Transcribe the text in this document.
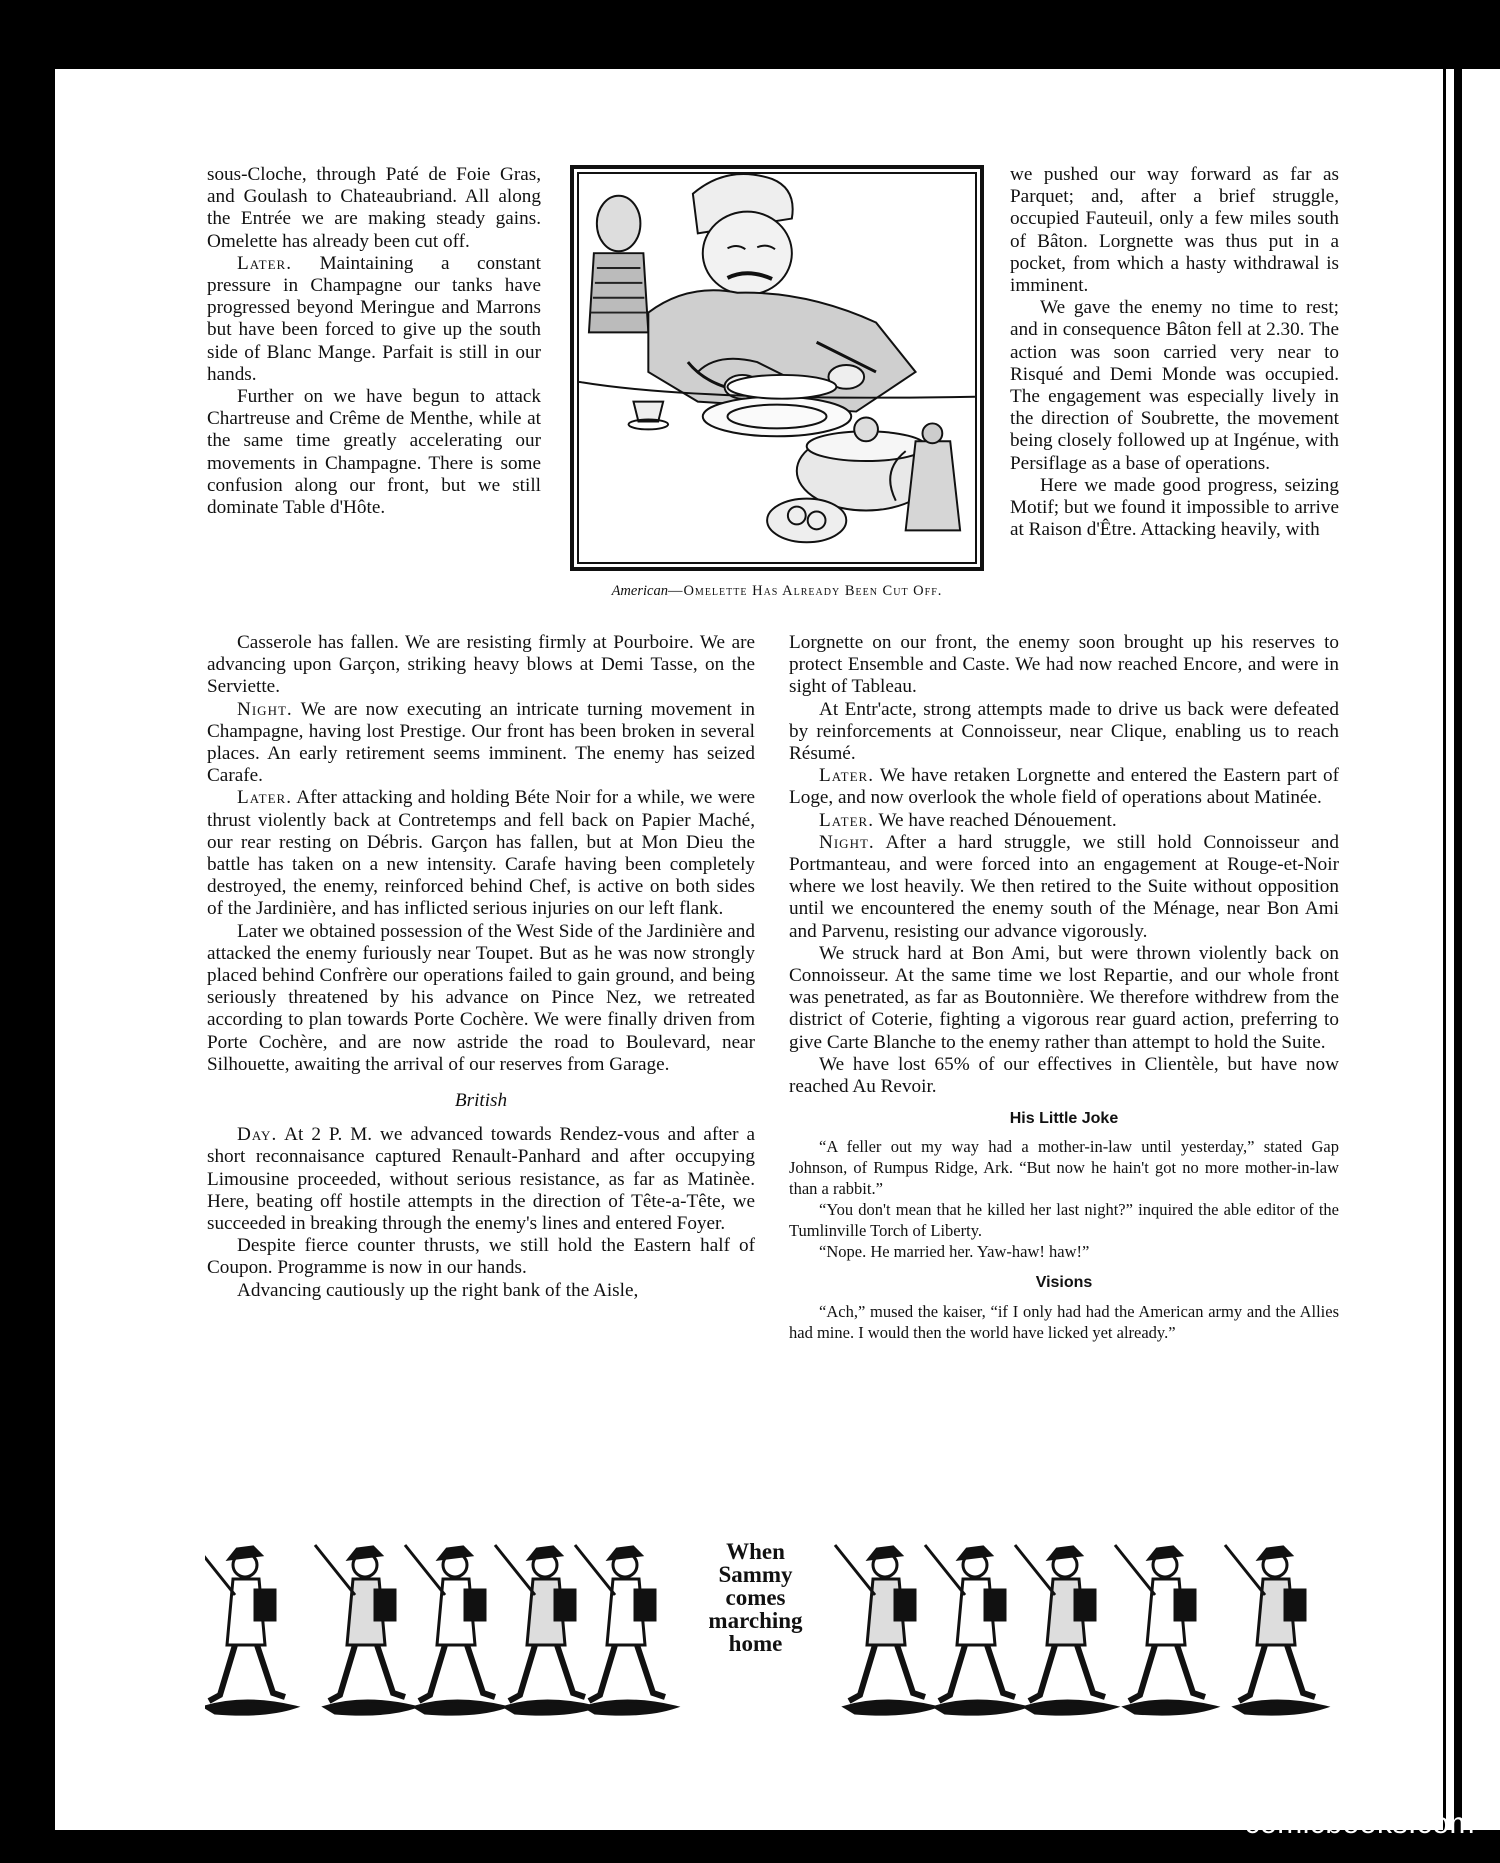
sous-Cloche, through Paté de Foie Gras, and Goulash to Chateaubriand. All along the Entrée we are making steady gains. Omelette has already been cut off.

Later. Maintaining a constant pressure in Champagne our tanks have progressed beyond Meringue and Marrons but have been forced to give up the south side of Blanc Mange. Parfait is still in our hands.

Further on we have begun to attack Chartreuse and Crême de Menthe, while at the same time greatly accelerating our movements in Champagne. There is some confusion along our front, but we still dominate Table d'Hôte.

American—Omelette Has Already Been Cut Off.

we pushed our way forward as far as Parquet; and, after a brief struggle, occupied Fauteuil, only a few miles south of Bâton. Lorgnette was thus put in a pocket, from which a hasty withdrawal is imminent.

We gave the enemy no time to rest; and in consequence Bâton fell at 2.30. The action was soon carried very near to Risqué and Demi Monde was occupied. The engagement was especially lively in the direction of Soubrette, the movement being closely followed up at Ingénue, with Persiflage as a base of operations.

Here we made good progress, seizing Motif; but we found it impossible to arrive at Raison d'Être. Attacking heavily, with

Casserole has fallen. We are resisting firmly at Pourboire. We are advancing upon Garçon, striking heavy blows at Demi Tasse, on the Serviette.

Night. We are now executing an intricate turning movement in Champagne, having lost Prestige. Our front has been broken in several places. An early retirement seems imminent. The enemy has seized Carafe.

Later. After attacking and holding Béte Noir for a while, we were thrust violently back at Contretemps and fell back on Papier Maché, our rear resting on Débris. Garçon has fallen, but at Mon Dieu the battle has taken on a new intensity. Carafe having been completely destroyed, the enemy, reinforced behind Chef, is active on both sides of the Jardinière, and has inflicted serious injuries on our left flank.

Later we obtained possession of the West Side of the Jardinière and attacked the enemy furiously near Toupet. But as he was now strongly placed behind Confrère our operations failed to gain ground, and being seriously threatened by his advance on Pince Nez, we retreated according to plan towards Porte Cochère. We were finally driven from Porte Cochère, and are now astride the road to Boulevard, near Silhouette, awaiting the arrival of our reserves from Garage.

British

Day. At 2 P. M. we advanced towards Rendez-vous and after a short reconnaisance captured Renault-Panhard and after occupying Limousine proceeded, without serious resistance, as far as Matinèe. Here, beating off hostile attempts in the direction of Tête-a-Tête, we succeeded in breaking through the enemy's lines and entered Foyer.

Despite fierce counter thrusts, we still hold the Eastern half of Coupon. Programme is now in our hands.

Advancing cautiously up the right bank of the Aisle,

Lorgnette on our front, the enemy soon brought up his reserves to protect Ensemble and Caste. We had now reached Encore, and were in sight of Tableau.

At Entr'acte, strong attempts made to drive us back were defeated by reinforcements at Connoisseur, near Clique, enabling us to reach Résumé.

Later. We have retaken Lorgnette and entered the Eastern part of Loge, and now overlook the whole field of operations about Matinée.

Later. We have reached Dénouement.

Night. After a hard struggle, we still hold Connoisseur and Portmanteau, and were forced into an engagement at Rouge-et-Noir where we lost heavily. We then retired to the Suite without opposition until we encountered the enemy south of the Ménage, near Bon Ami and Parvenu, resisting our advance vigorously.

We struck hard at Bon Ami, but were thrown violently back on Connoisseur. At the same time we lost Repartie, and our whole front was penetrated, as far as Boutonnière. We therefore withdrew from the district of Coterie, fighting a vigorous rear guard action, preferring to give Carte Blanche to the enemy rather than attempt to hold the Suite.

We have lost 65% of our effectives in Clientèle, but have now reached Au Revoir.

His Little Joke

“A feller out my way had a mother-in-law until yesterday,” stated Gap Johnson, of Rumpus Ridge, Ark. “But now he hain't got no more mother-in-law than a rabbit.”

“You don't mean that he killed her last night?” inquired the able editor of the Tumlinville Torch of Liberty.

“Nope. He married her. Yaw-haw! haw!”

Visions

“Ach,” mused the kaiser, “if I only had had the American army and the Allies had mine. I would then the world have licked yet already.”

When
Sammy
comes
marching
home
comicbooks.com
